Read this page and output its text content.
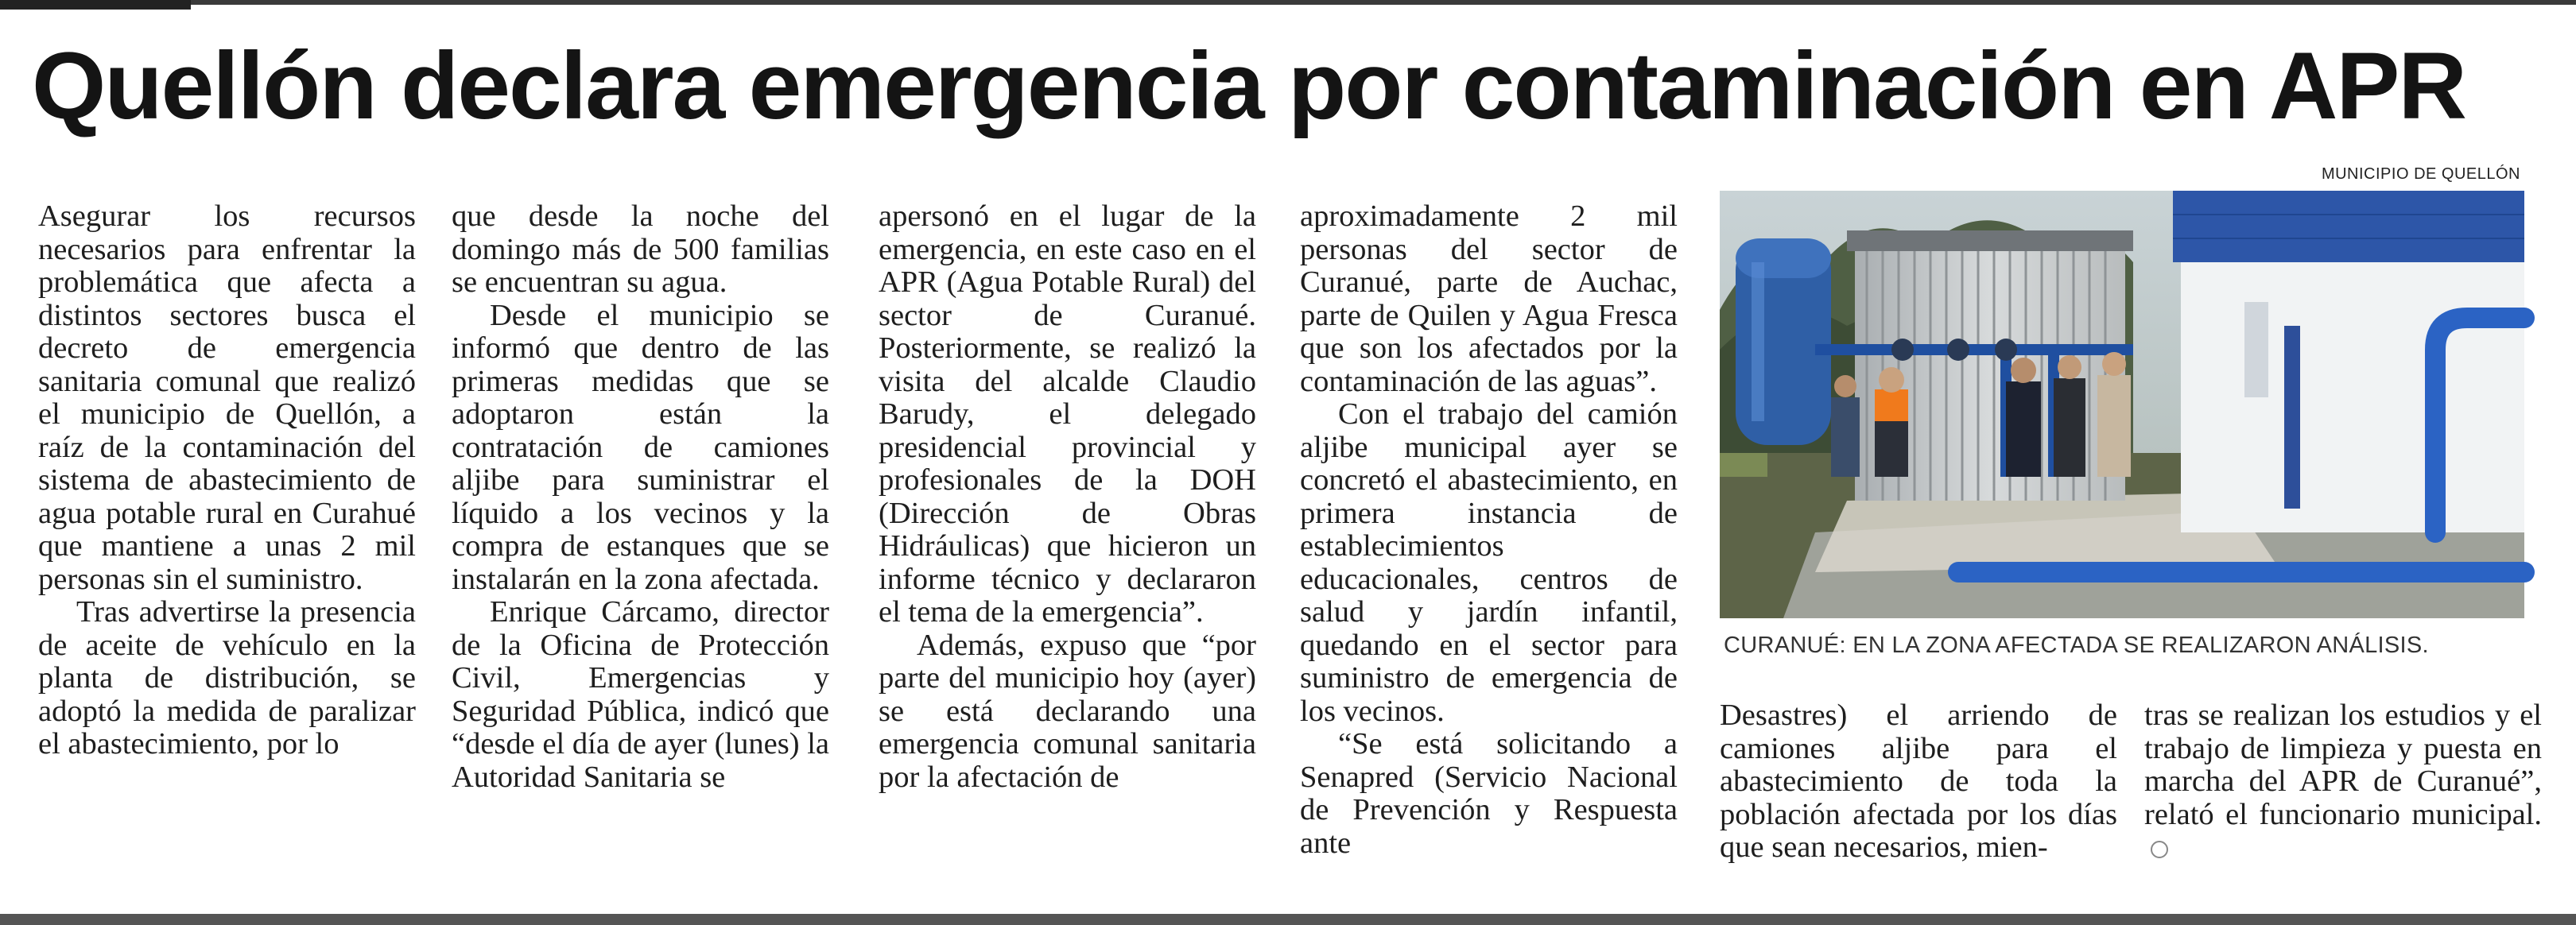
Quellón declara emergencia por contaminación en APR
MUNICIPIO DE QUELLÓN

Asegurar los recursos necesarios para enfrentar la problemática que afecta a distintos sectores busca el decreto de emergencia sanitaria comunal que realizó el municipio de Quellón, a raíz de la contaminación del sistema de abastecimiento de agua potable rural en Curahué que mantiene a unas 2 mil personas sin el suministro.

Tras advertirse la presencia de aceite de vehículo en la planta de distribución, se adoptó la medida de paralizar el abastecimiento, por lo

que desde la noche del domingo más de 500 familias se encuentran su agua.

Desde el municipio se informó que dentro de las primeras medidas que se adoptaron están la contratación de camiones aljibe para suministrar el líquido a los vecinos y la compra de estanques que se instalarán en la zona afectada.

Enrique Cárcamo, director de la Oficina de Protección Civil, Emergencias y Seguridad Pública, indicó que “desde el día de ayer (lunes) la Autoridad Sanitaria se

apersonó en el lugar de la emergencia, en este caso en el APR (Agua Potable Rural) del sector de Curanué. Posteriormente, se realizó la visita del alcalde Claudio Barudy, el delegado presidencial provincial y profesionales de la DOH (Dirección de Obras Hidráulicas) que hicieron un informe técnico y declararon el tema de la emergencia”.

Además, expuso que “por parte del municipio hoy (ayer) se está declarando una emergencia comunal sanitaria por la afectación de

aproximadamente 2 mil personas del sector de Curanué, parte de Auchac, parte de Quilen y Agua Fresca que son los afectados por la contaminación de las aguas”.

Con el trabajo del camión aljibe municipal ayer se concretó el abastecimiento, en primera instancia de establecimientos educacionales, centros de salud y jardín infantil, quedando en el sector para suministro de emergencia de los vecinos.

“Se está solicitando a Senapred (Servicio Nacional de Prevención y Respuesta ante

CURANUÉ: EN LA ZONA AFECTADA SE REALIZARON ANÁLISIS.

Desastres) el arriendo de camiones aljibe para el abastecimiento de toda la población afectada por los días que sean necesarios, mien-

tras se realizan los estudios y el trabajo de limpieza y puesta en marcha del APR de Curanué”, relató el funcionario municipal.
